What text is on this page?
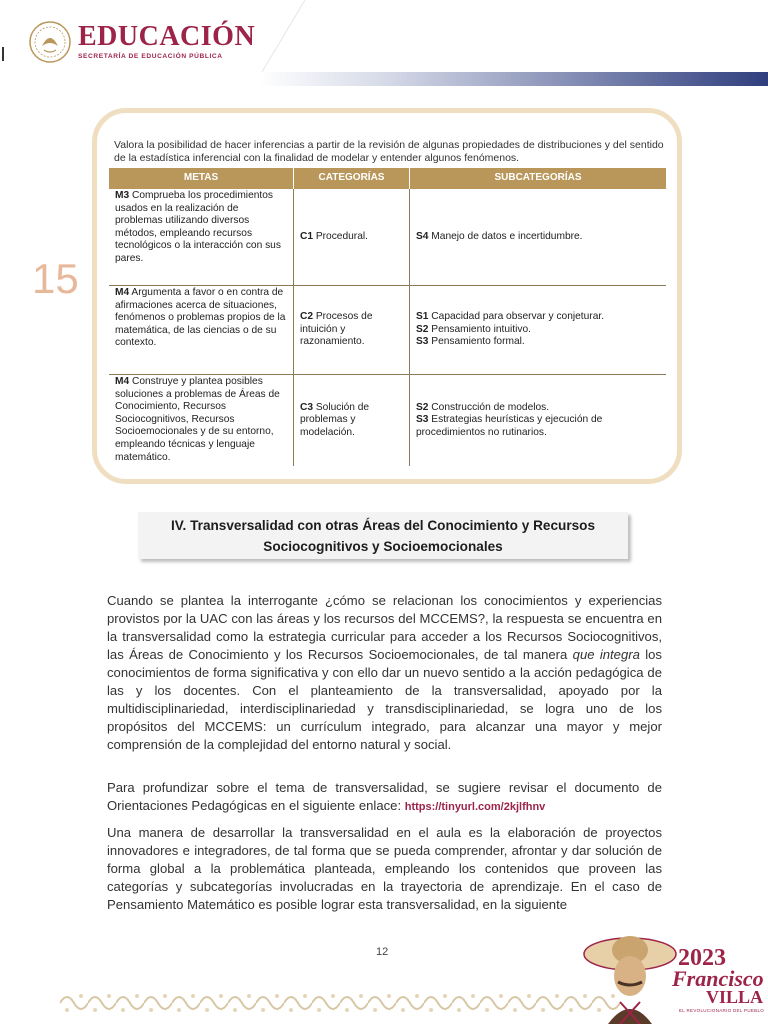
EDUCACIÓN
SECRETARÍA DE EDUCACIÓN PÚBLICA
15
Valora la posibilidad de hacer inferencias a partir de la revisión de algunas propiedades de distribuciones y del sentido de la estadística inferencial con la finalidad de modelar y entender algunos fenómenos.
METAS	CATEGORÍAS	SUBCATEGORÍAS
M3 Comprueba los procedimientos usados en la realización de problemas utilizando diversos métodos, empleando recursos tecnológicos o la interacción con sus pares.	C1 Procedural.	S4 Manejo de datos e incertidumbre.

M4 Argumenta a favor o en contra de afirmaciones acerca de situaciones, fenómenos o problemas propios de la matemática, de las ciencias o de su contexto.	C2 Procesos de intuición y razonamiento.	S1 Capacidad para observar y conjeturar.
S2 Pensamiento intuitivo.
S3 Pensamiento formal.

M4 Construye y plantea posibles soluciones a problemas de Áreas de Conocimiento, Recursos Sociocognitivos, Recursos Socioemocionales y de su entorno, empleando técnicas y lenguaje matemático.	C3 Solución de problemas y modelación.	S2 Construcción de modelos.
S3 Estrategias heurísticas y ejecución de procedimientos no rutinarios.
IV. Transversalidad con otras Áreas del Conocimiento y Recursos
Sociocognitivos y Socioemocionales
Cuando se plantea la interrogante ¿cómo se relacionan los conocimientos y experiencias provistos por la UAC con las áreas y los recursos del MCCEMS?, la respuesta se encuentra en la transversalidad como la estrategia curricular para acceder a los Recursos Sociocognitivos, las Áreas de Conocimiento y los Recursos Socioemocionales, de tal manera que integra los conocimientos de forma significativa y con ello dar un nuevo sentido a la acción pedagógica de las y los docentes. Con el planteamiento de la transversalidad, apoyado por la multidisciplinariedad, interdisciplinariedad y transdisciplinariedad, se logra uno de los propósitos del MCCEMS: un currículum integrado, para alcanzar una mayor y mejor comprensión de la complejidad del entorno natural y social.
Para profundizar sobre el tema de transversalidad, se sugiere revisar el documento de Orientaciones Pedagógicas en el siguiente enlace: https://tinyurl.com/2kjlfhnv
Una manera de desarrollar la transversalidad en el aula es la elaboración de proyectos innovadores e integradores, de tal forma que se pueda comprender, afrontar y dar solución de forma global a la problemática planteada, empleando los contenidos que proveen las categorías y subcategorías involucradas en la trayectoria de aprendizaje. En el caso de Pensamiento Matemático es posible lograr esta transversalidad, en la siguiente
12	2023
Francisco
VILLA
EL REVOLUCIONARIO DEL PUEBLO
